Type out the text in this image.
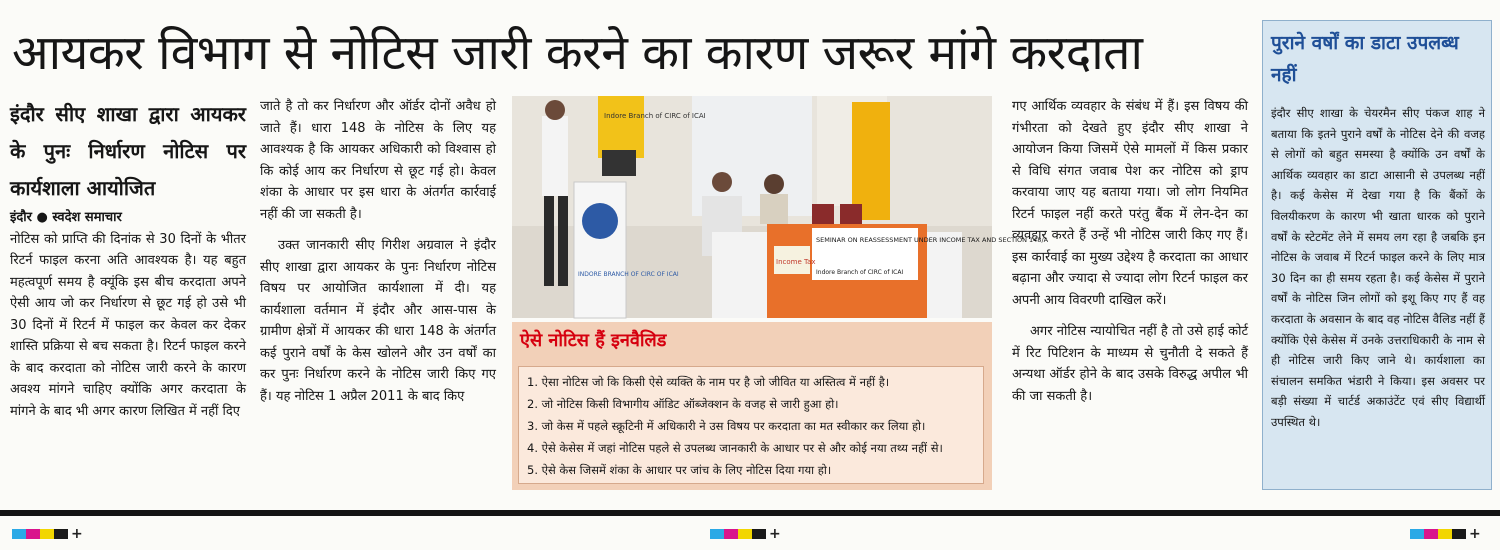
आयकर विभाग से नोटिस जारी करने का कारण जरूर मांगे करदाता

इंदौर सीए शाखा द्वारा आयकर के पुनः निर्धारण नोटिस पर कार्यशाला आयोजित

इंदौर ● स्वदेश समाचार

नोटिस को प्राप्ति की दिनांक से 30 दिनों के भीतर रिटर्न फाइल करना अति आवश्यक है। यह बहुत महत्वपूर्ण समय है क्यूंकि इस बीच करदाता अपने ऐसी आय जो कर निर्धारण से छूट गई हो उसे भी 30 दिनों में रिटर्न में फाइल कर केवल कर देकर शास्ति प्रक्रिया से बच सकता है। रिटर्न फाइल करने के बाद करदाता को नोटिस जारी करने के कारण अवश्य मांगने चाहिए क्योंकि अगर करदाता के मांगने के बाद भी अगर कारण लिखित में नहीं दिए

जाते है तो कर निर्धारण और ऑर्डर दोनों अवैध हो जाते हैं। धारा 148 के नोटिस के लिए यह आवश्यक है कि आयकर अधिकारी को विश्वास हो कि कोई आय कर निर्धारण से छूट गई हो। केवल शंका के आधार पर इस धारा के अंतर्गत कार्रवाई नहीं की जा सकती है।

उक्त जानकारी सीए गिरीश अग्रवाल ने इंदौर सीए शाखा द्वारा आयकर के पुनः निर्धारण नोटिस विषय पर आयोजित कार्यशाला में दी। यह कार्यशाला वर्तमान में इंदौर और आस-पास के ग्रामीण क्षेत्रों में आयकर की धारा 148 के अंतर्गत कई पुराने वर्षों के केस खोलने और उन वर्षों का कर पुनः निर्धारण करने के नोटिस जारी किए गए हैं। यह नोटिस 1 अप्रैल 2011 के बाद किए

Indore Branch of CIRC of ICAI
INDORE BRANCH OF CIRC OF ICAI
SEMINAR ON REASSESSMENT UNDER INCOME TAX AND SECTION 148/A
Indore Branch of CIRC of ICAI
Income Tax
ऐसे नोटिस हैं इनवैलिड
1. ऐसा नोटिस जो कि किसी ऐसे व्यक्ति के नाम पर है जो जीवित या अस्तित्व में नहीं है।
2. जो नोटिस किसी विभागीय ऑडिट ऑब्जेक्शन के वजह से जारी हुआ हो।
3. जो केस में पहले स्क्रूटिनी में अधिकारी ने उस विषय पर करदाता का मत स्वीकार कर लिया हो।
4. ऐसे केसेस में जहां नोटिस पहले से उपलब्ध जानकारी के आधार पर से और कोई नया तथ्य नहीं से।
5. ऐसे केस जिसमें शंका के आधार पर जांच के लिए नोटिस दिया गया हो।

गए आर्थिक व्यवहार के संबंध में हैं। इस विषय की गंभीरता को देखते हुए इंदौर सीए शाखा ने आयोजन किया जिसमें ऐसे मामलों में किस प्रकार से विधि संगत जवाब पेश कर नोटिस को ड्राप करवाया जाए यह बताया गया। जो लोग नियमित रिटर्न फाइल नहीं करते परंतु बैंक में लेन-देन का व्यवहार करते हैं उन्हें भी नोटिस जारी किए गए हैं। इस कार्रवाई का मुख्य उद्देश्य है करदाता का आधार बढ़ाना और ज्यादा से ज्यादा लोग रिटर्न फाइल कर अपनी आय विवरणी दाखिल करें।

अगर नोटिस न्यायोचित नहीं है तो उसे हाई कोर्ट में रिट पिटिशन के माध्यम से चुनौती दे सकते हैं अन्यथा ऑर्डर होने के बाद उसके विरुद्ध अपील भी की जा सकती है।

पुराने वर्षों का डाटा उपलब्ध नहीं
इंदौर सीए शाखा के चेयरमैन सीए पंकज शाह ने बताया कि इतने पुराने वर्षों के नोटिस देने की वजह से लोगों को बहुत समस्या है क्योंकि उन वर्षों के आर्थिक व्यवहार का डाटा आसानी से उपलब्ध नहीं है। कई केसेस में देखा गया है कि बैंकों के विलयीकरण के कारण भी खाता धारक को पुराने वर्षों के स्टेटमेंट लेने में समय लग रहा है जबकि इन नोटिस के जवाब में रिटर्न फाइल करने के लिए मात्र 30 दिन का ही समय रहता है। कई केसेस में पुराने वर्षों के नोटिस जिन लोगों को इशू किए गए हैं वह करदाता के अवसान के बाद वह नोटिस वैलिड नहीं हैं क्योंकि ऐसे केसेस में उनके उत्तराधिकारी के नाम से ही नोटिस जारी किए जाने थे। कार्यशाला का संचालन समकित भंडारी ने किया। इस अवसर पर बड़ी संख्या में चार्टर्ड अकाउंटेंट एवं सीए विद्यार्थी उपस्थित थे।
+	+	+
